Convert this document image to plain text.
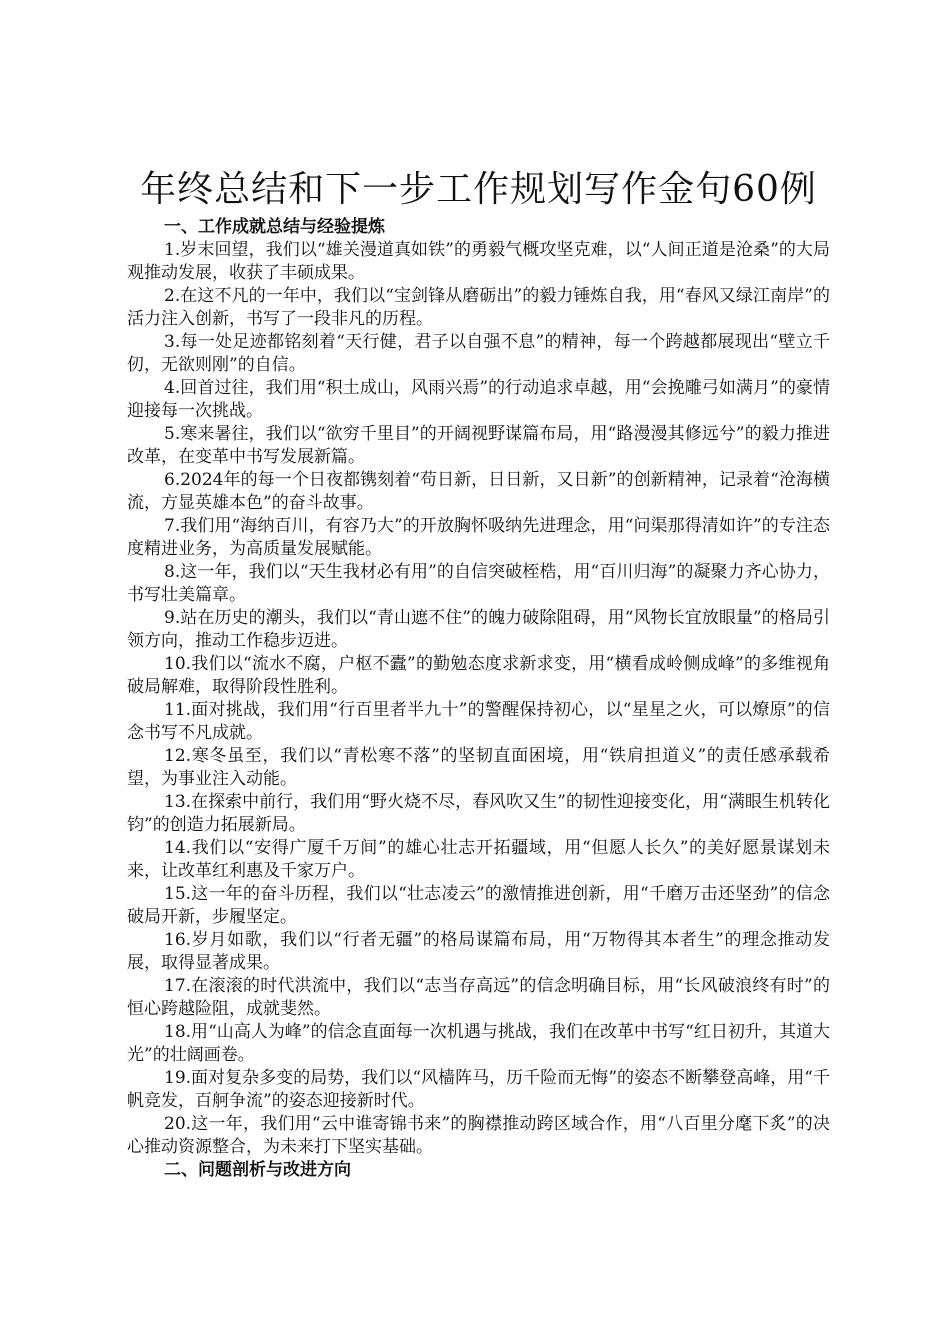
年终总结和下一步工作规划写作金句60例
一、工作成就总结与经验提炼

1.岁末回望，我们以“雄关漫道真如铁”的勇毅气概攻坚克难，以“人间正道是沧桑”的大局观推动发展，收获了丰硕成果。

2.在这不凡的一年中，我们以“宝剑锋从磨砺出”的毅力锤炼自我，用“春风又绿江南岸”的活力注入创新，书写了一段非凡的历程。

3.每一处足迹都铭刻着“天行健，君子以自强不息”的精神，每一个跨越都展现出“壁立千仞，无欲则刚”的自信。

4.回首过往，我们用“积土成山，风雨兴焉”的行动追求卓越，用“会挽雕弓如满月”的豪情迎接每一次挑战。

5.寒来暑往，我们以“欲穷千里目”的开阔视野谋篇布局，用“路漫漫其修远兮”的毅力推进改革，在变革中书写发展新篇。

6.2024年的每一个日夜都镌刻着“苟日新，日日新，又日新”的创新精神，记录着“沧海横流，方显英雄本色”的奋斗故事。

7.我们用“海纳百川，有容乃大”的开放胸怀吸纳先进理念，用“问渠那得清如许”的专注态度精进业务，为高质量发展赋能。

8.这一年，我们以“天生我材必有用”的自信突破桎梏，用“百川归海”的凝聚力齐心协力，书写壮美篇章。

9.站在历史的潮头，我们以“青山遮不住”的魄力破除阻碍，用“风物长宜放眼量”的格局引领方向，推动工作稳步迈进。

10.我们以“流水不腐，户枢不蠹”的勤勉态度求新求变，用“横看成岭侧成峰”的多维视角破局解难，取得阶段性胜利。

11.面对挑战，我们用“行百里者半九十”的警醒保持初心，以“星星之火，可以燎原”的信念书写不凡成就。

12.寒冬虽至，我们以“青松寒不落”的坚韧直面困境，用“铁肩担道义”的责任感承载希望，为事业注入动能。

13.在探索中前行，我们用“野火烧不尽，春风吹又生”的韧性迎接变化，用“满眼生机转化钧”的创造力拓展新局。

14.我们以“安得广厦千万间”的雄心壮志开拓疆域，用“但愿人长久”的美好愿景谋划未来，让改革红利惠及千家万户。

15.这一年的奋斗历程，我们以“壮志凌云”的激情推进创新，用“千磨万击还坚劲”的信念破局开新，步履坚定。

16.岁月如歌，我们以“行者无疆”的格局谋篇布局，用“万物得其本者生”的理念推动发展，取得显著成果。

17.在滚滚的时代洪流中，我们以“志当存高远”的信念明确目标，用“长风破浪终有时”的恒心跨越险阻，成就斐然。

18.用“山高人为峰”的信念直面每一次机遇与挑战，我们在改革中书写“红日初升，其道大光”的壮阔画卷。

19.面对复杂多变的局势，我们以“风樯阵马，历千险而无悔”的姿态不断攀登高峰，用“千帆竞发，百舸争流”的姿态迎接新时代。

20.这一年，我们用“云中谁寄锦书来”的胸襟推动跨区域合作，用“八百里分麾下炙”的决心推动资源整合，为未来打下坚实基础。

二、问题剖析与改进方向
